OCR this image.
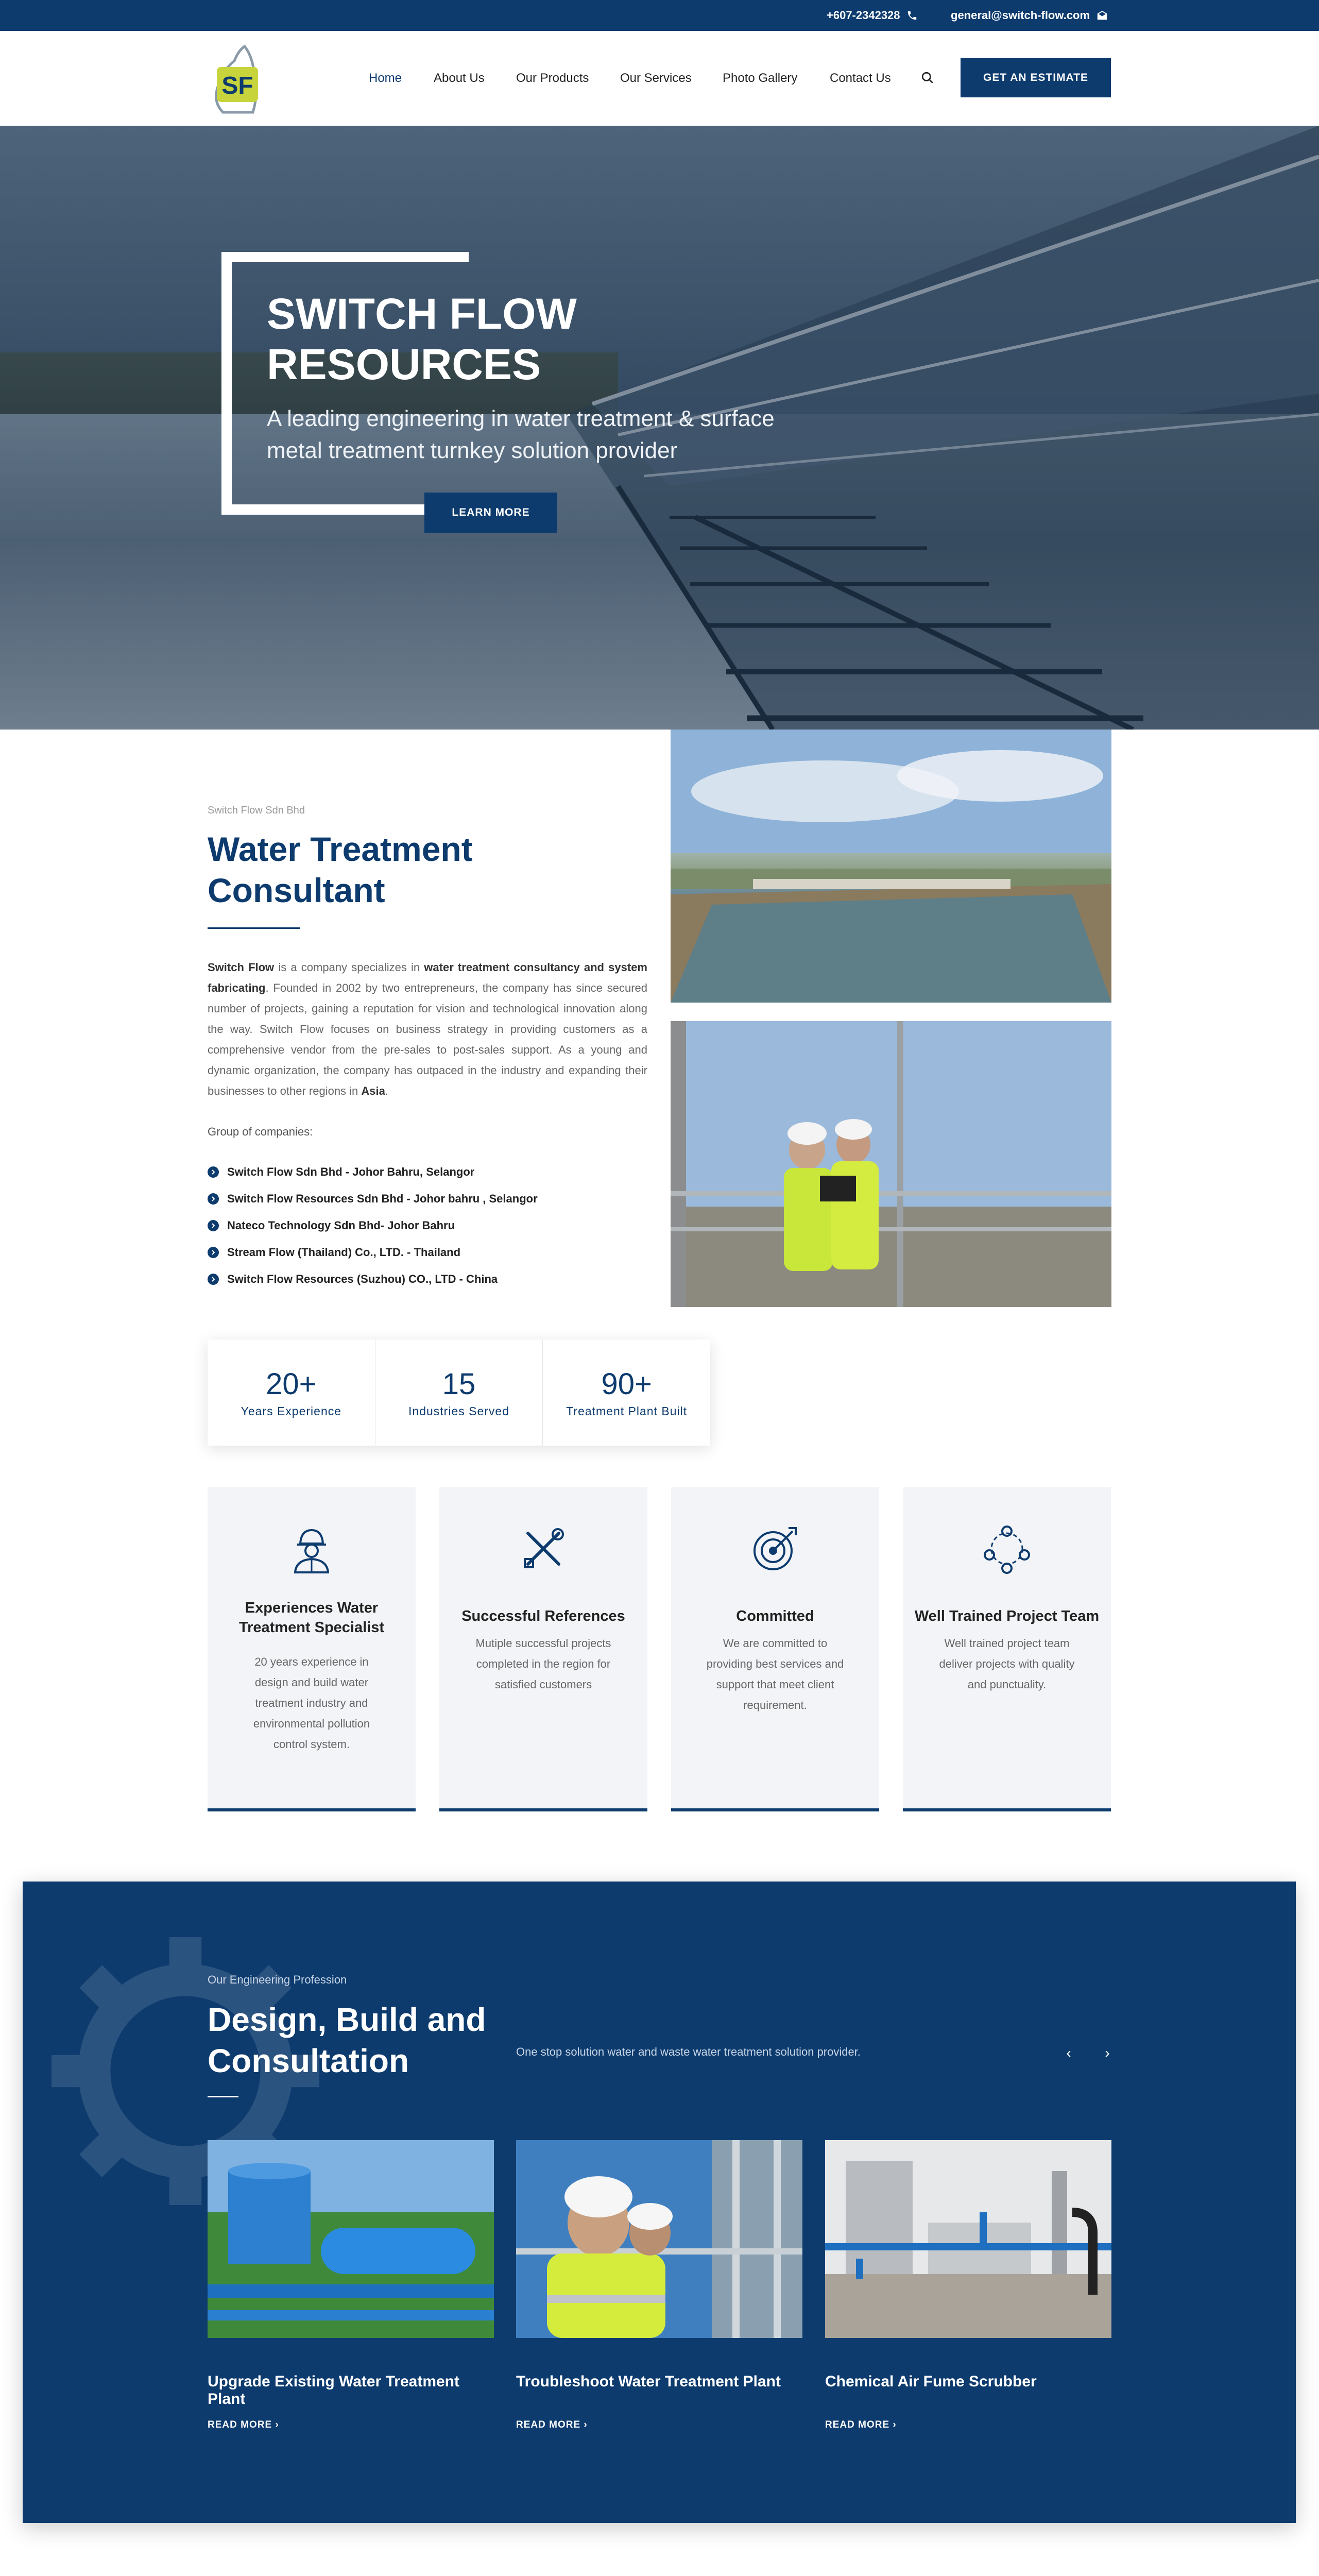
+607-2342328	general@switch-flow.com
SF	Home	About Us	Our Products	Our Services	Photo Gallery	Contact Us	GET AN ESTIMATE
SWITCH FLOW
RESOURCES
A leading engineering in water treatment & surface metal treatment turnkey solution provider
LEARN MORE
Switch Flow Sdn Bhd
Water Treatment Consultant
Switch Flow is a company specializes in water treatment consultancy and system fabricating. Founded in 2002 by two entrepreneurs, the company has since secured number of projects, gaining a reputation for vision and technological innovation along the way. Switch Flow focuses on business strategy in providing customers as a comprehensive vendor from the pre-sales to post-sales support. As a young and dynamic organization, the company has outpaced in the industry and expanding their businesses to other regions in Asia.
Group of companies:
Switch Flow Sdn Bhd - Johor Bahru, Selangor
Switch Flow Resources Sdn Bhd - Johor bahru , Selangor
Nateco Technology Sdn Bhd- Johor Bahru
Stream Flow (Thailand) Co., LTD. - Thailand
Switch Flow Resources (Suzhou) CO., LTD - China
20+
Years Experience
15
Industries Served
90+
Treatment Plant Built
Experiences Water Treatment Specialist
20 years experience in design and build water treatment industry and environmental pollution control system.
Successful References
Mutiple successful projects completed in the region for satisfied customers
Committed
We are committed to providing best services and support that meet client requirement.
Well Trained Project Team
Well trained project team deliver projects with quality and punctuality.
Our Engineering Profession
Design, Build and Consultation	One stop solution water and waste water treatment solution provider.	‹	›
Upgrade Existing Water Treatment Plant
Troubleshoot Water Treatment Plant	Chemical Air Fume Scrubber
READ MORE ›	READ MORE ›	READ MORE ›
